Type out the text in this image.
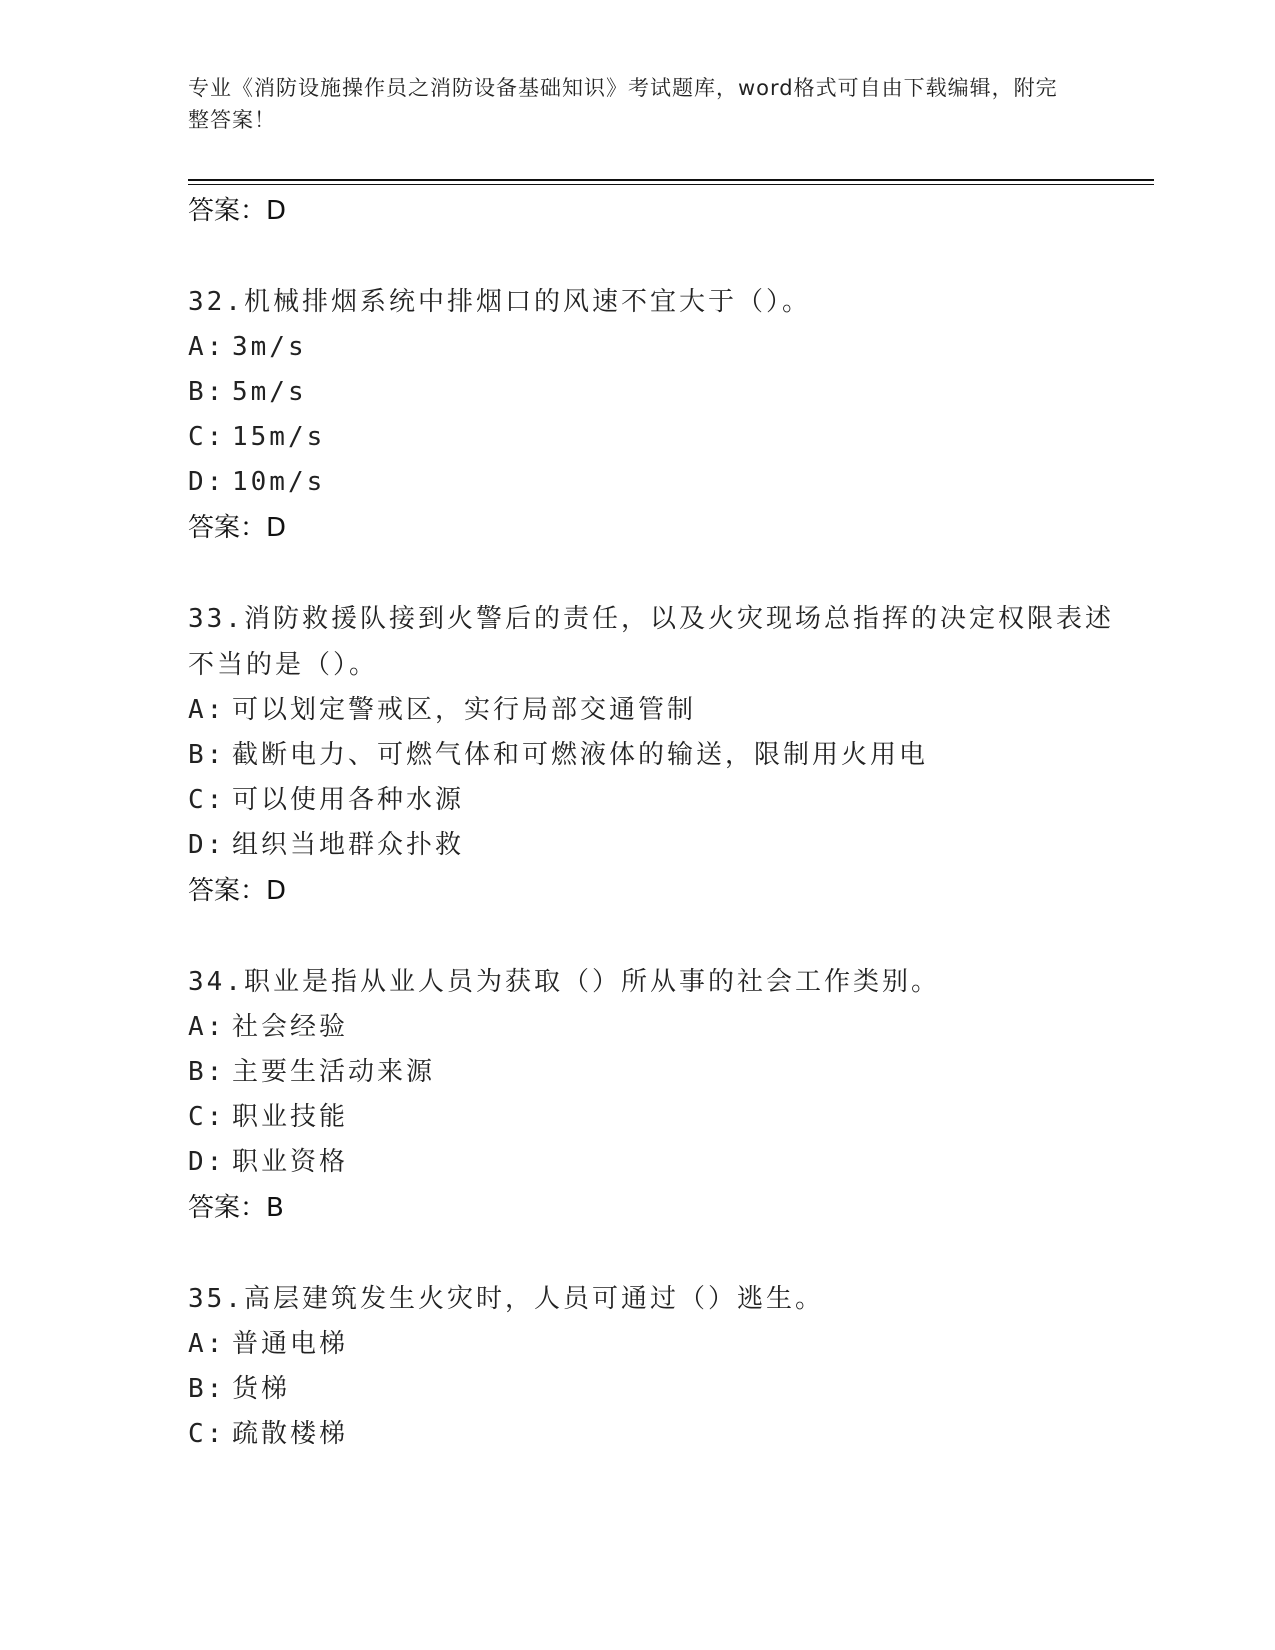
专业《消防设施操作员之消防设备基础知识》考试题库，word格式可自由下载编辑，附完整答案！
答案：D
32.机械排烟系统中排烟口的风速不宜大于（）。
A: 3m/s
B: 5m/s
C: 15m/s
D: 10m/s
答案：D
33.消防救援队接到火警后的责任，以及火灾现场总指挥的决定权限表述不当的是（）。
A: 可以划定警戒区，实行局部交通管制
B: 截断电力、可燃气体和可燃液体的输送，限制用火用电
C: 可以使用各种水源
D: 组织当地群众扑救
答案：D
34.职业是指从业人员为获取（）所从事的社会工作类别。
A: 社会经验
B: 主要生活动来源
C: 职业技能
D: 职业资格
答案：B
35.高层建筑发生火灾时，人员可通过（）逃生。
A: 普通电梯
B: 货梯
C: 疏散楼梯
